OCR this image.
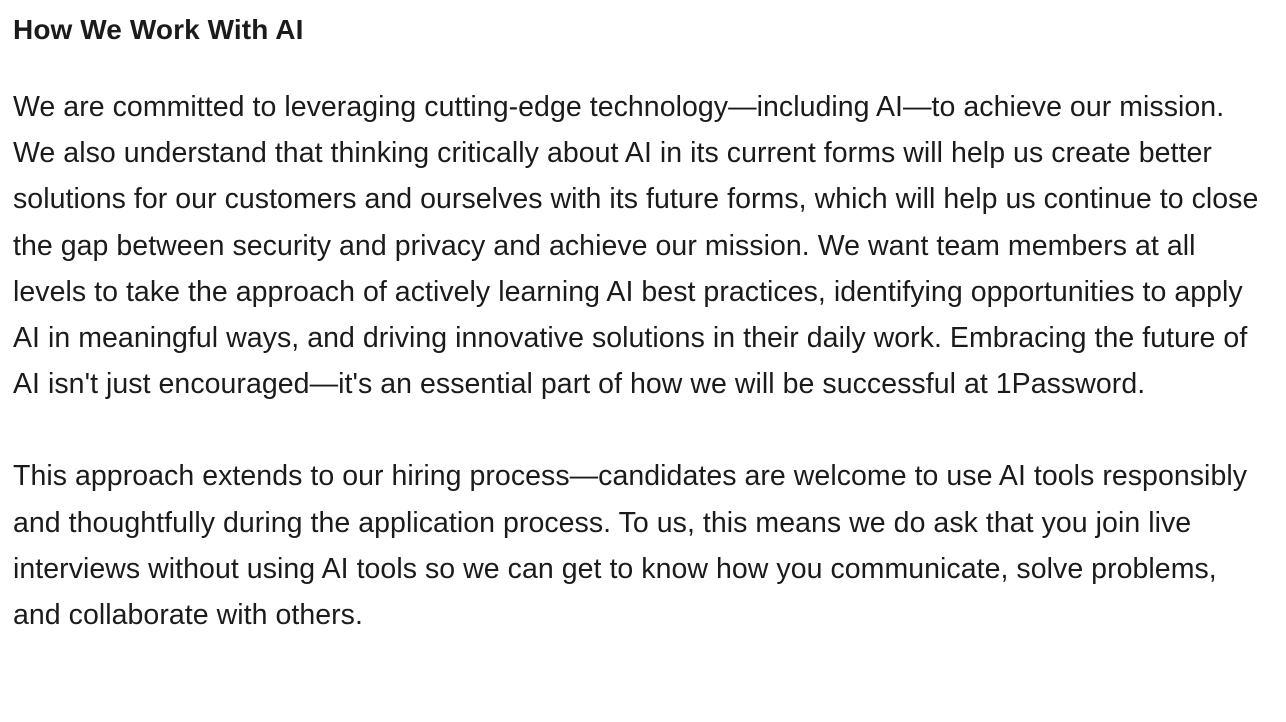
How We Work With AI

We are committed to leveraging cutting-edge technology—including AI—to achieve our mission. We also understand that thinking critically about AI in its current forms will help us create better solutions for our customers and ourselves with its future forms, which will help us continue to close the gap between security and privacy and achieve our mission. We want team members at all levels to take the approach of actively learning AI best practices, identifying opportunities to apply AI in meaningful ways, and driving innovative solutions in their daily work. Embracing the future of AI isn't just encouraged—it's an essential part of how we will be successful at 1Password.

This approach extends to our hiring process—candidates are welcome to use AI tools responsibly and thoughtfully during the application process. To us, this means we do ask that you join live interviews without using AI tools so we can get to know how you communicate, solve problems, and collaborate with others.
